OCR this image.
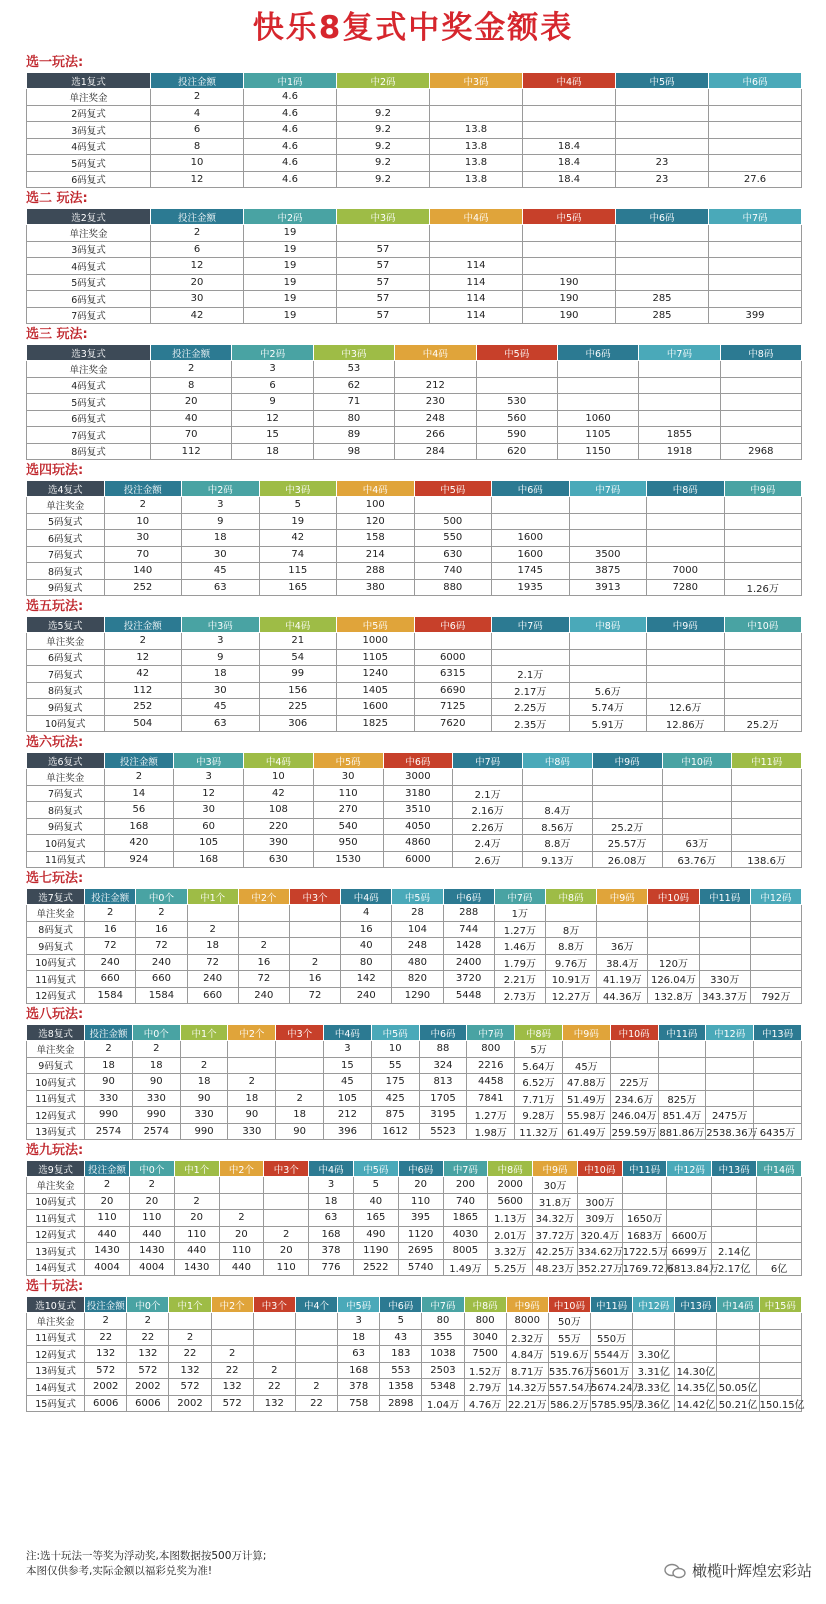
快乐8复式中奖金额表
选一玩法:
选1复式	投注金额	中1码	中2码	中3码	中4码	中5码	中6码
单注奖金	2	4.6					
2码复式	4	4.6	9.2				
3码复式	6	4.6	9.2	13.8			
4码复式	8	4.6	9.2	13.8	18.4		
5码复式	10	4.6	9.2	13.8	18.4	23	
6码复式	12	4.6	9.2	13.8	18.4	23	27.6
选二 玩法:
选2复式	投注金额	中2码	中3码	中4码	中5码	中6码	中7码
单注奖金	2	19					
3码复式	6	19	57				
4码复式	12	19	57	114			
5码复式	20	19	57	114	190		
6码复式	30	19	57	114	190	285	
7码复式	42	19	57	114	190	285	399
选三 玩法:
选3复式	投注金额	中2码	中3码	中4码	中5码	中6码	中7码	中8码
单注奖金	2	3	53					
4码复式	8	6	62	212				
5码复式	20	9	71	230	530			
6码复式	40	12	80	248	560	1060		
7码复式	70	15	89	266	590	1105	1855	
8码复式	112	18	98	284	620	1150	1918	2968
选四玩法:
选4复式	投注金额	中2码	中3码	中4码	中5码	中6码	中7码	中8码	中9码
单注奖金	2	3	5	100					
5码复式	10	9	19	120	500				
6码复式	30	18	42	158	550	1600			
7码复式	70	30	74	214	630	1600	3500		
8码复式	140	45	115	288	740	1745	3875	7000	
9码复式	252	63	165	380	880	1935	3913	7280	1.26万
选五玩法:
选5复式	投注金额	中3码	中4码	中5码	中6码	中7码	中8码	中9码	中10码
单注奖金	2	3	21	1000					
6码复式	12	9	54	1105	6000				
7码复式	42	18	99	1240	6315	2.1万			
8码复式	112	30	156	1405	6690	2.17万	5.6万		
9码复式	252	45	225	1600	7125	2.25万	5.74万	12.6万	
10码复式	504	63	306	1825	7620	2.35万	5.91万	12.86万	25.2万
选六玩法:
选6复式	投注金额	中3码	中4码	中5码	中6码	中7码	中8码	中9码	中10码	中11码
单注奖金	2	3	10	30	3000					
7码复式	14	12	42	110	3180	2.1万				
8码复式	56	30	108	270	3510	2.16万	8.4万			
9码复式	168	60	220	540	4050	2.26万	8.56万	25.2万		
10码复式	420	105	390	950	4860	2.4万	8.8万	25.57万	63万	
11码复式	924	168	630	1530	6000	2.6万	9.13万	26.08万	63.76万	138.6万
选七玩法:
选7复式	投注金额	中0个	中1个	中2个	中3个	中4码	中5码	中6码	中7码	中8码	中9码	中10码	中11码	中12码
单注奖金	2	2				4	28	288	1万					
8码复式	16	16	2			16	104	744	1.27万	8万				
9码复式	72	72	18	2		40	248	1428	1.46万	8.8万	36万			
10码复式	240	240	72	16	2	80	480	2400	1.79万	9.76万	38.4万	120万		
11码复式	660	660	240	72	16	142	820	3720	2.21万	10.91万	41.19万	126.04万	330万	
12码复式	1584	1584	660	240	72	240	1290	5448	2.73万	12.27万	44.36万	132.8万	343.37万	792万
选八玩法:
选8复式	投注金额	中0个	中1个	中2个	中3个	中4码	中5码	中6码	中7码	中8码	中9码	中10码	中11码	中12码	中13码
单注奖金	2	2				3	10	88	800	5万					
9码复式	18	18	2			15	55	324	2216	5.64万	45万				
10码复式	90	90	18	2		45	175	813	4458	6.52万	47.88万	225万			
11码复式	330	330	90	18	2	105	425	1705	7841	7.71万	51.49万	234.6万	825万		
12码复式	990	990	330	90	18	212	875	3195	1.27万	9.28万	55.98万	246.04万	851.4万	2475万	
13码复式	2574	2574	990	330	90	396	1612	5523	1.98万	11.32万	61.49万	259.59万	881.86万	2538.36万	6435万
选九玩法:
选9复式	投注金额	中0个	中1个	中2个	中3个	中4码	中5码	中6码	中7码	中8码	中9码	中10码	中11码	中12码	中13码	中14码
单注奖金	2	2				3	5	20	200	2000	30万					
10码复式	20	20	2			18	40	110	740	5600	31.8万	300万				
11码复式	110	110	20	2		63	165	395	1865	1.13万	34.32万	309万	1650万			
12码复式	440	440	110	20	2	168	490	1120	4030	2.01万	37.72万	320.4万	1683万	6600万		
13码复式	1430	1430	440	110	20	378	1190	2695	8005	3.32万	42.25万	334.62万	1722.5万	6699万	2.14亿	
14码复式	4004	4004	1430	440	110	776	2522	5740	1.49万	5.25万	48.23万	352.27万	1769.72万	6813.84万	2.17亿	6亿
选十玩法:
选10复式	投注金额	中0个	中1个	中2个	中3个	中4个	中5码	中6码	中7码	中8码	中9码	中10码	中11码	中12码	中13码	中14码	中15码
单注奖金	2	2					3	5	80	800	8000	50万					
11码复式	22	22	2				18	43	355	3040	2.32万	55万	550万				
12码复式	132	132	22	2			63	183	1038	7500	4.84万	519.6万	5544万	3.30亿			
13码复式	572	572	132	22	2		168	553	2503	1.52万	8.71万	535.76万	5601万	3.31亿	14.30亿		
14码复式	2002	2002	572	132	22	2	378	1358	5348	2.79万	14.32万	557.54万	5674.24万	3.33亿	14.35亿	50.05亿	
15码复式	6006	6006	2002	572	132	22	758	2898	1.04万	4.76万	22.21万	586.2万	5785.95万	3.36亿	14.42亿	50.21亿	150.15亿
注:选十玩法一等奖为浮动奖,本图数据按500万计算;
本图仅供参考,实际金额以福彩兑奖为准!	橄榄叶辉煌宏彩站
